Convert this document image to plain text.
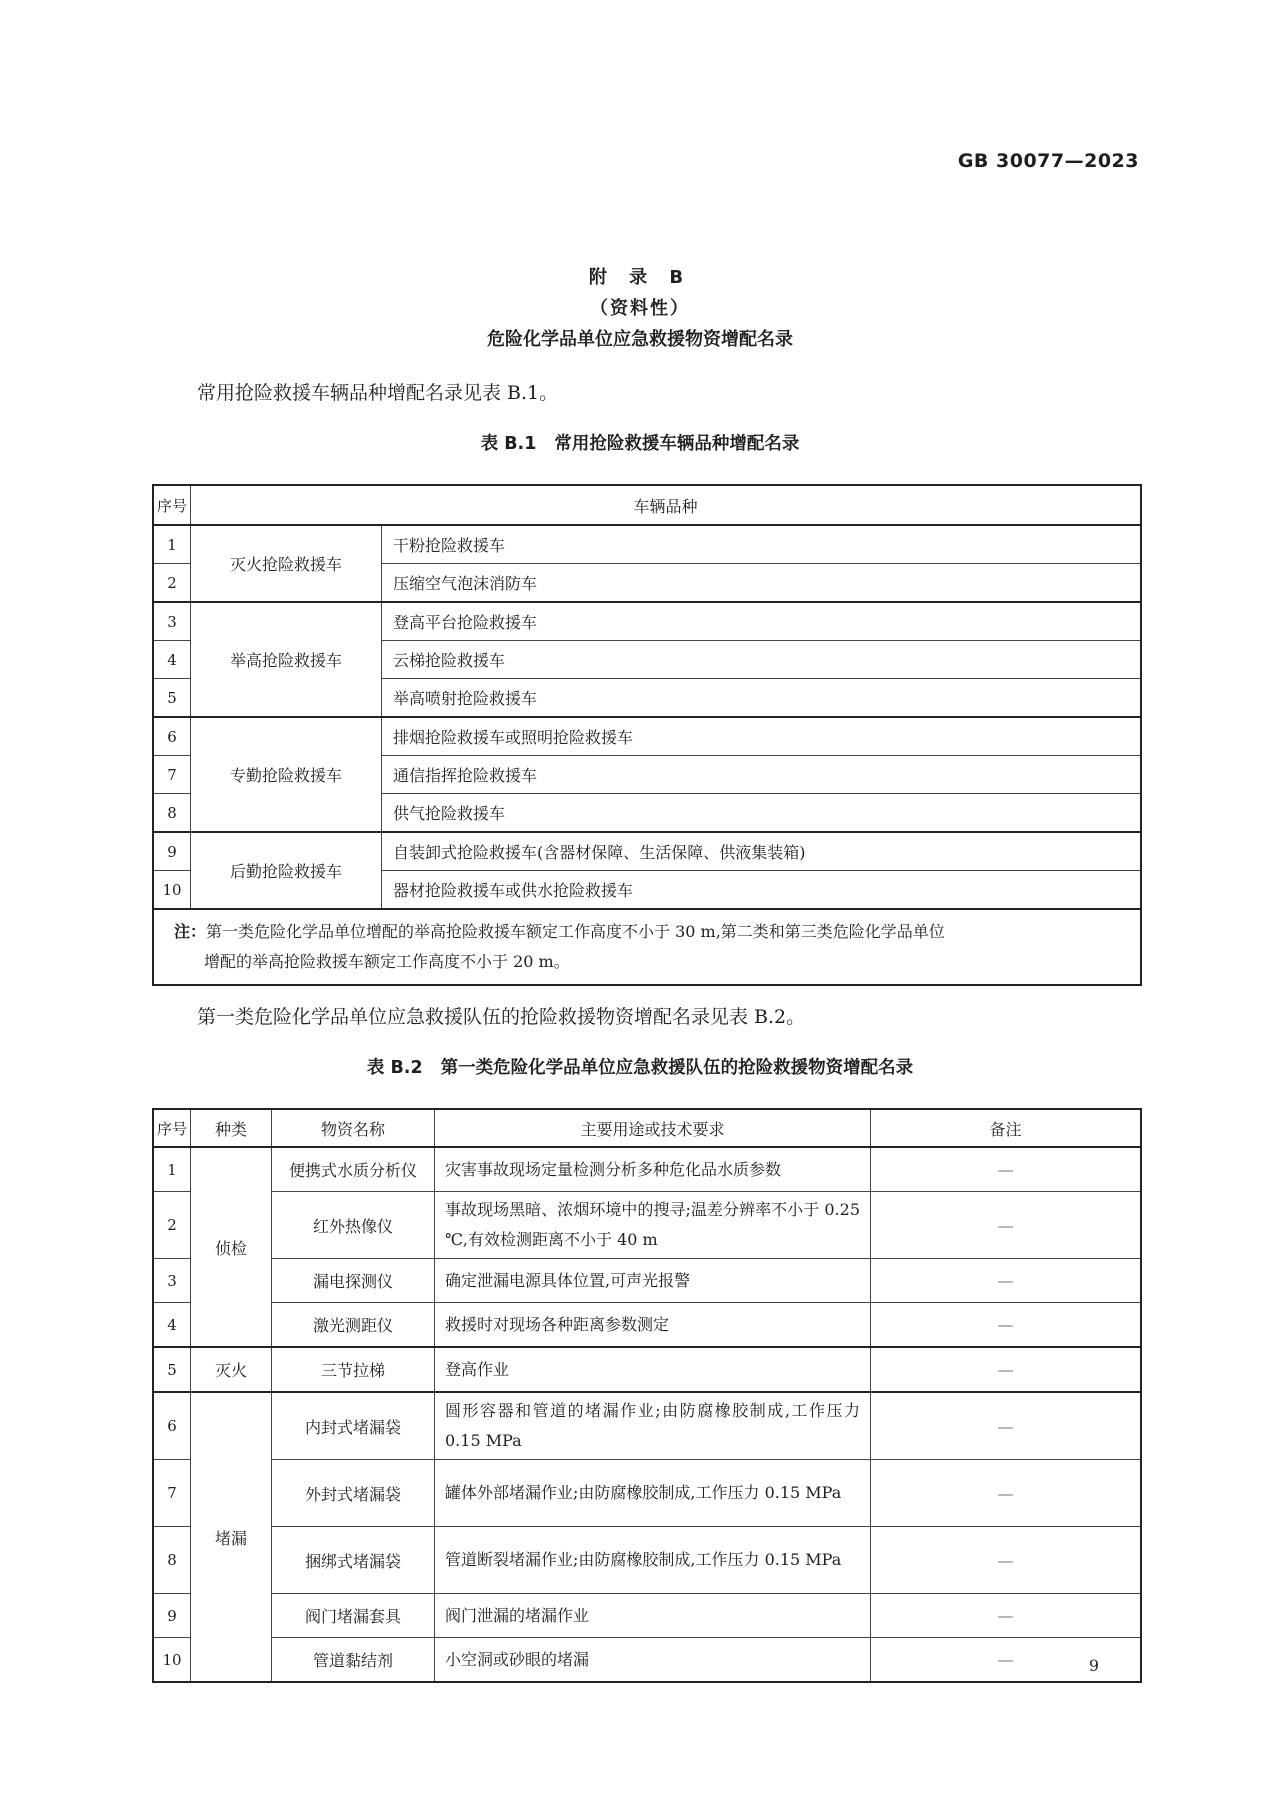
GB 30077—2023
附 录 B
（资料性）
危险化学品单位应急救援物资增配名录
常用抢险救援车辆品种增配名录见表 B.1。
表 B.1 常用抢险救援车辆品种增配名录
序号	车辆品种	
1	灭火抢险救援车	干粉抢险救援车
2		压缩空气泡沫消防车
3	举高抢险救援车	登高平台抢险救援车
4		云梯抢险救援车
5		举高喷射抢险救援车
6	专勤抢险救援车	排烟抢险救援车或照明抢险救援车
7		通信指挥抢险救援车
8		供气抢险救援车
9	后勤抢险救援车	自装卸式抢险救援车(含器材保障、生活保障、供液集装箱)
10		器材抢险救援车或供水抢险救援车
注：第一类危险化学品单位增配的举高抢险救援车额定工作高度不小于 30 m,第二类和第三类危险化学品单位
增配的举高抢险救援车额定工作高度不小于 20 m。		
第一类危险化学品单位应急救援队伍的抢险救援物资增配名录见表 B.2。
表 B.2 第一类危险化学品单位应急救援队伍的抢险救援物资增配名录
序号	种类	物资名称	主要用途或技术要求	备注
1	侦检	便携式水质分析仪	灾害事故现场定量检测分析多种危化品水质参数	—
2		红外热像仪	事故现场黑暗、浓烟环境中的搜寻;温差分辨率不小于 0.25 ℃,有效检测距离不小于 40 m	—
3		漏电探测仪	确定泄漏电源具体位置,可声光报警	—
4		激光测距仪	救援时对现场各种距离参数测定	—
5	灭火	三节拉梯	登高作业	—
6	堵漏	内封式堵漏袋	圆形容器和管道的堵漏作业;由防腐橡胶制成,工作压力 0.15 MPa	—
7		外封式堵漏袋	罐体外部堵漏作业;由防腐橡胶制成,工作压力 0.15 MPa	—
8		捆绑式堵漏袋	管道断裂堵漏作业;由防腐橡胶制成,工作压力 0.15 MPa	—
9		阀门堵漏套具	阀门泄漏的堵漏作业	—
10		管道黏结剂	小空洞或砂眼的堵漏	—	9
